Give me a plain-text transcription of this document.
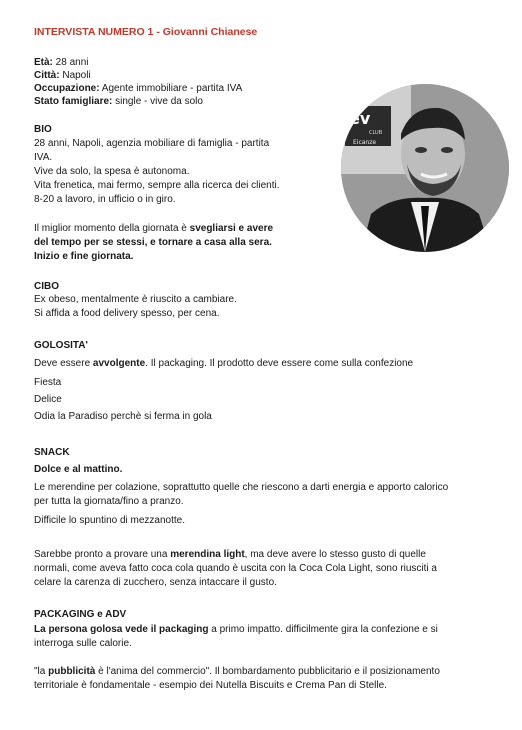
INTERVISTA NUMERO 1 - Giovanni Chianese
Età: 28 anni
Città: Napoli
Occupazione: Agente immobiliare - partita IVA
Stato famigliare: single - vive da solo
BIO
28 anni, Napoli, agenzia mobiliare di famiglia - partita
IVA.
Vive da solo, la spesa è autonoma.
Vita frenetica, mai fermo, sempre alla ricerca dei clienti.
8-20 a lavoro, in ufficio o in giro.
Il miglior momento della giornata è svegliarsi e avere
del tempo per se stessi, e tornare a casa alla sera.
Inizio e fine giornata.
ev
CLUB
Eicanze
CIBO
Ex obeso, mentalmente è riuscito a cambiare.
Si affida a food delivery spesso, per cena.
GOLOSITA'
Deve essere avvolgente. Il packaging. Il prodotto deve essere come sulla confezione
Fiesta
Delice
Odia la Paradiso perchè si ferma in gola
SNACK
Dolce e al mattino.
Le merendine per colazione, soprattutto quelle che riescono a darti energia e apporto calorico
per tutta la giornata/fino a pranzo.
Difficile lo spuntino di mezzanotte.
Sarebbe pronto a provare una merendina light, ma deve avere lo stesso gusto di quelle
normali, come aveva fatto coca cola quando è uscita con la Coca Cola Light, sono riusciti a
celare la carenza di zucchero, senza intaccare il gusto.
PACKAGING e ADV
La persona golosa vede il packaging a primo impatto. difficilmente gira la confezione e si
interroga sulle calorie.
"la pubblicità è l'anima del commercio". Il bombardamento pubblicitario e il posizionamento
territoriale è fondamentale - esempio dei Nutella Biscuits e Crema Pan di Stelle.
